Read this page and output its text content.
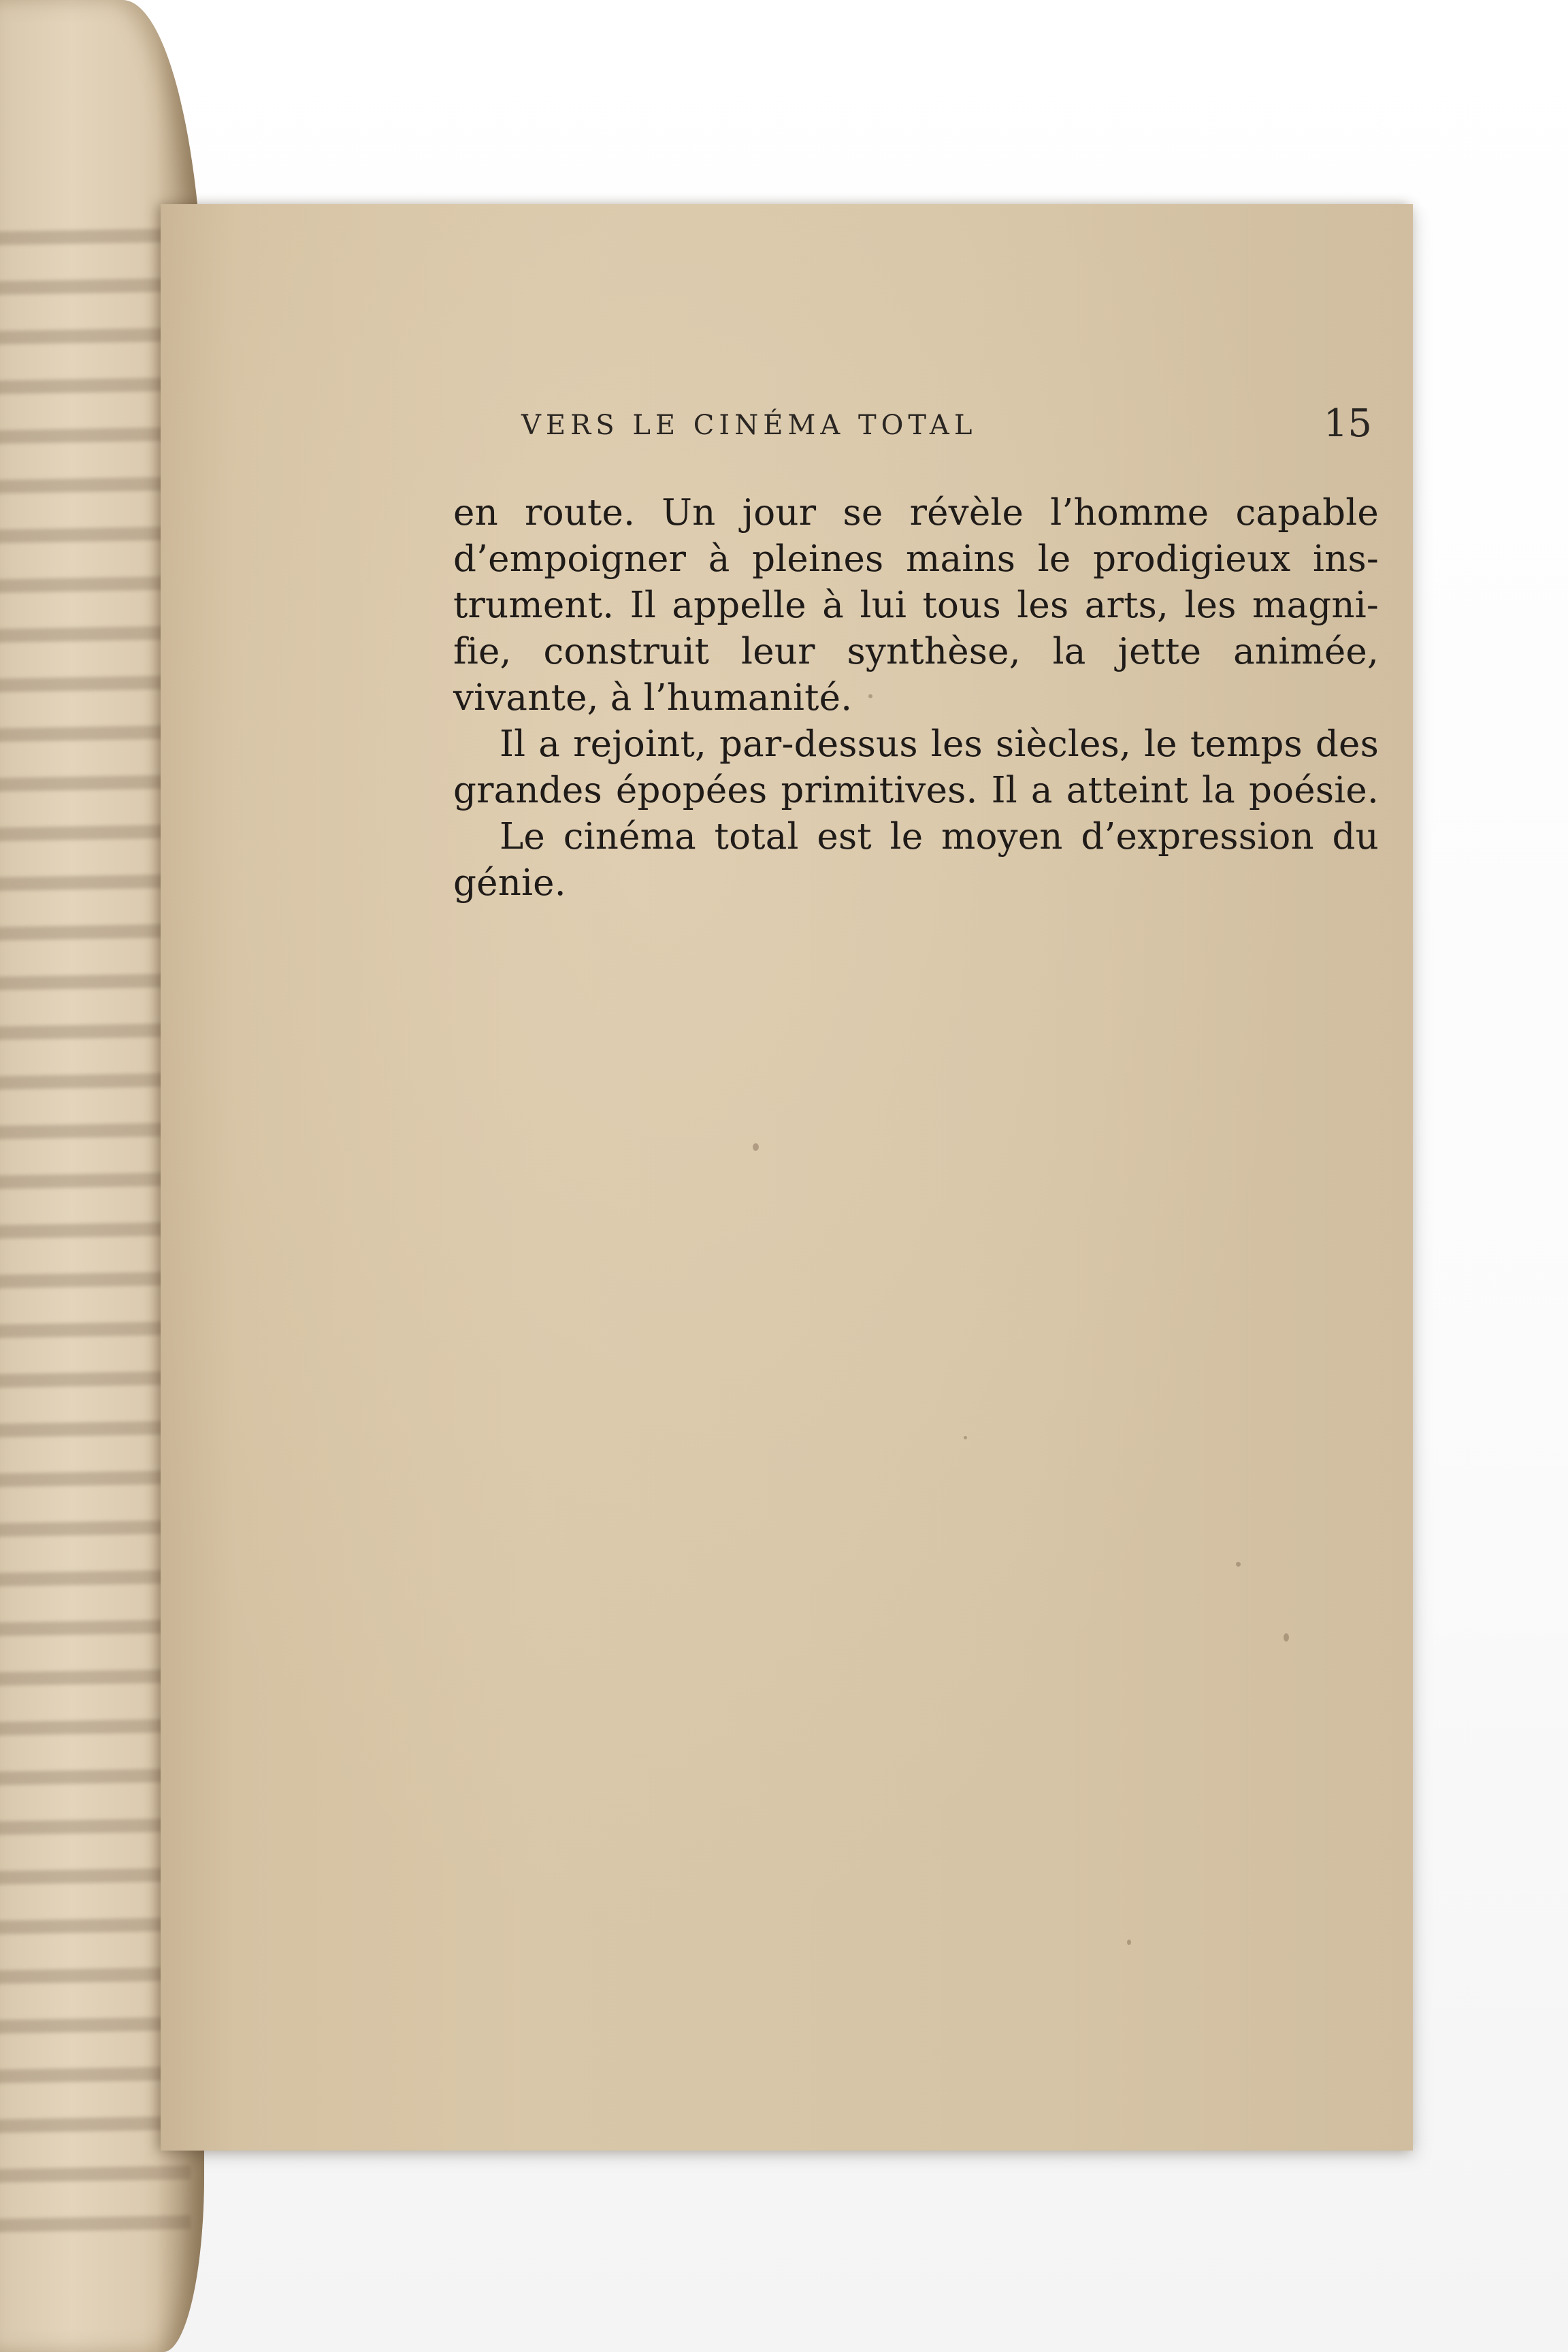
VERS LE CINÉMA TOTAL	15
en route. Un jour se révèle l’homme capable
d’empoigner à pleines mains le prodigieux ins-
trument. Il appelle à lui tous les arts, les magni-
fie, construit leur synthèse, la jette animée,
vivante, à l’humanité.
Il a rejoint, par-dessus les siècles, le temps des
grandes épopées primitives. Il a atteint la poésie.
Le cinéma total est le moyen d’expression du
génie.
